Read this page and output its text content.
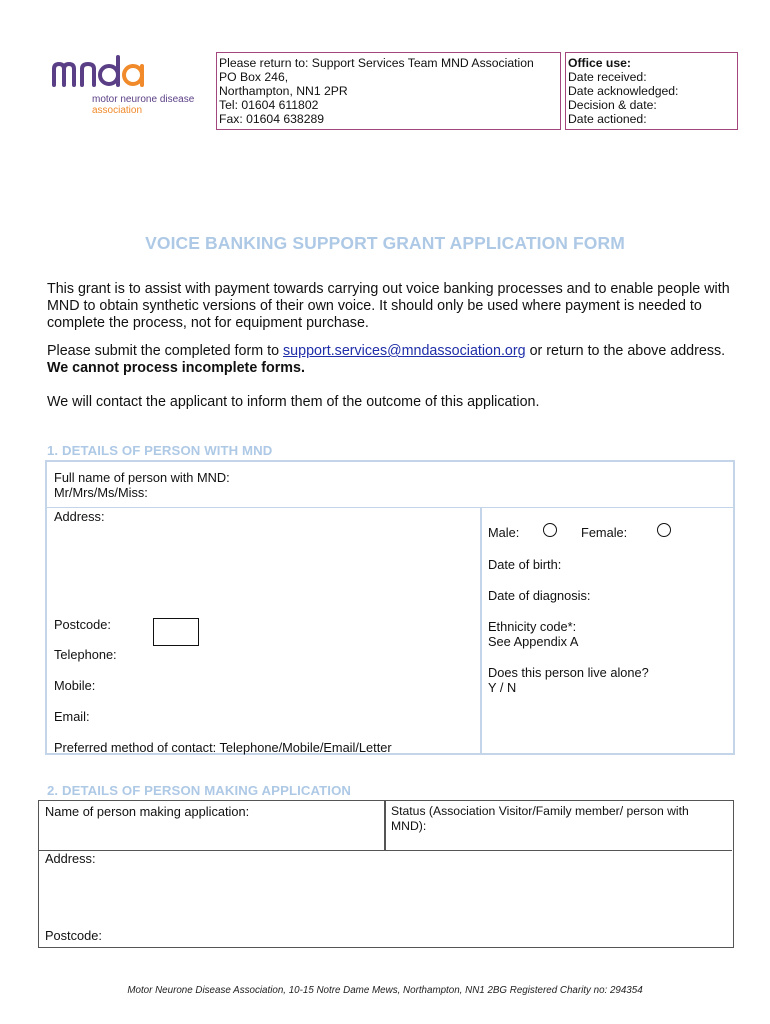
motor neurone disease
association
Please return to: Support Services Team MND Association
PO Box 246,
Northampton, NN1 2PR
Tel: 01604 611802
Fax: 01604 638289
Office use:
Date received:
Date acknowledged:
Decision & date:
Date actioned:
VOICE BANKING SUPPORT GRANT APPLICATION FORM
This grant is to assist with payment towards carrying out voice banking processes and to enable people with MND to obtain synthetic versions of their own voice. It should only be used where payment is needed to complete the process, not for equipment purchase.
Please submit the completed form to support.services@mndassociation.org or return to the above address. We cannot process incomplete forms.
We will contact the applicant to inform them of the outcome of this application.
1. DETAILS OF PERSON WITH MND
Full name of person with MND:
Mr/Mrs/Ms/Miss:
Address:
Postcode:
Telephone:
Mobile:
Email:
Preferred method of contact: Telephone/Mobile/Email/Letter
Male:	Female:
Date of birth:
Date of diagnosis:
Ethnicity code*:
See Appendix A
Does this person live alone?
Y / N
2. DETAILS OF PERSON MAKING APPLICATION
Name of person making application:	Status (Association Visitor/Family member/ person with
MND):
Address:
Postcode:
Motor Neurone Disease Association, 10-15 Notre Dame Mews, Northampton, NN1 2BG Registered Charity no: 294354
